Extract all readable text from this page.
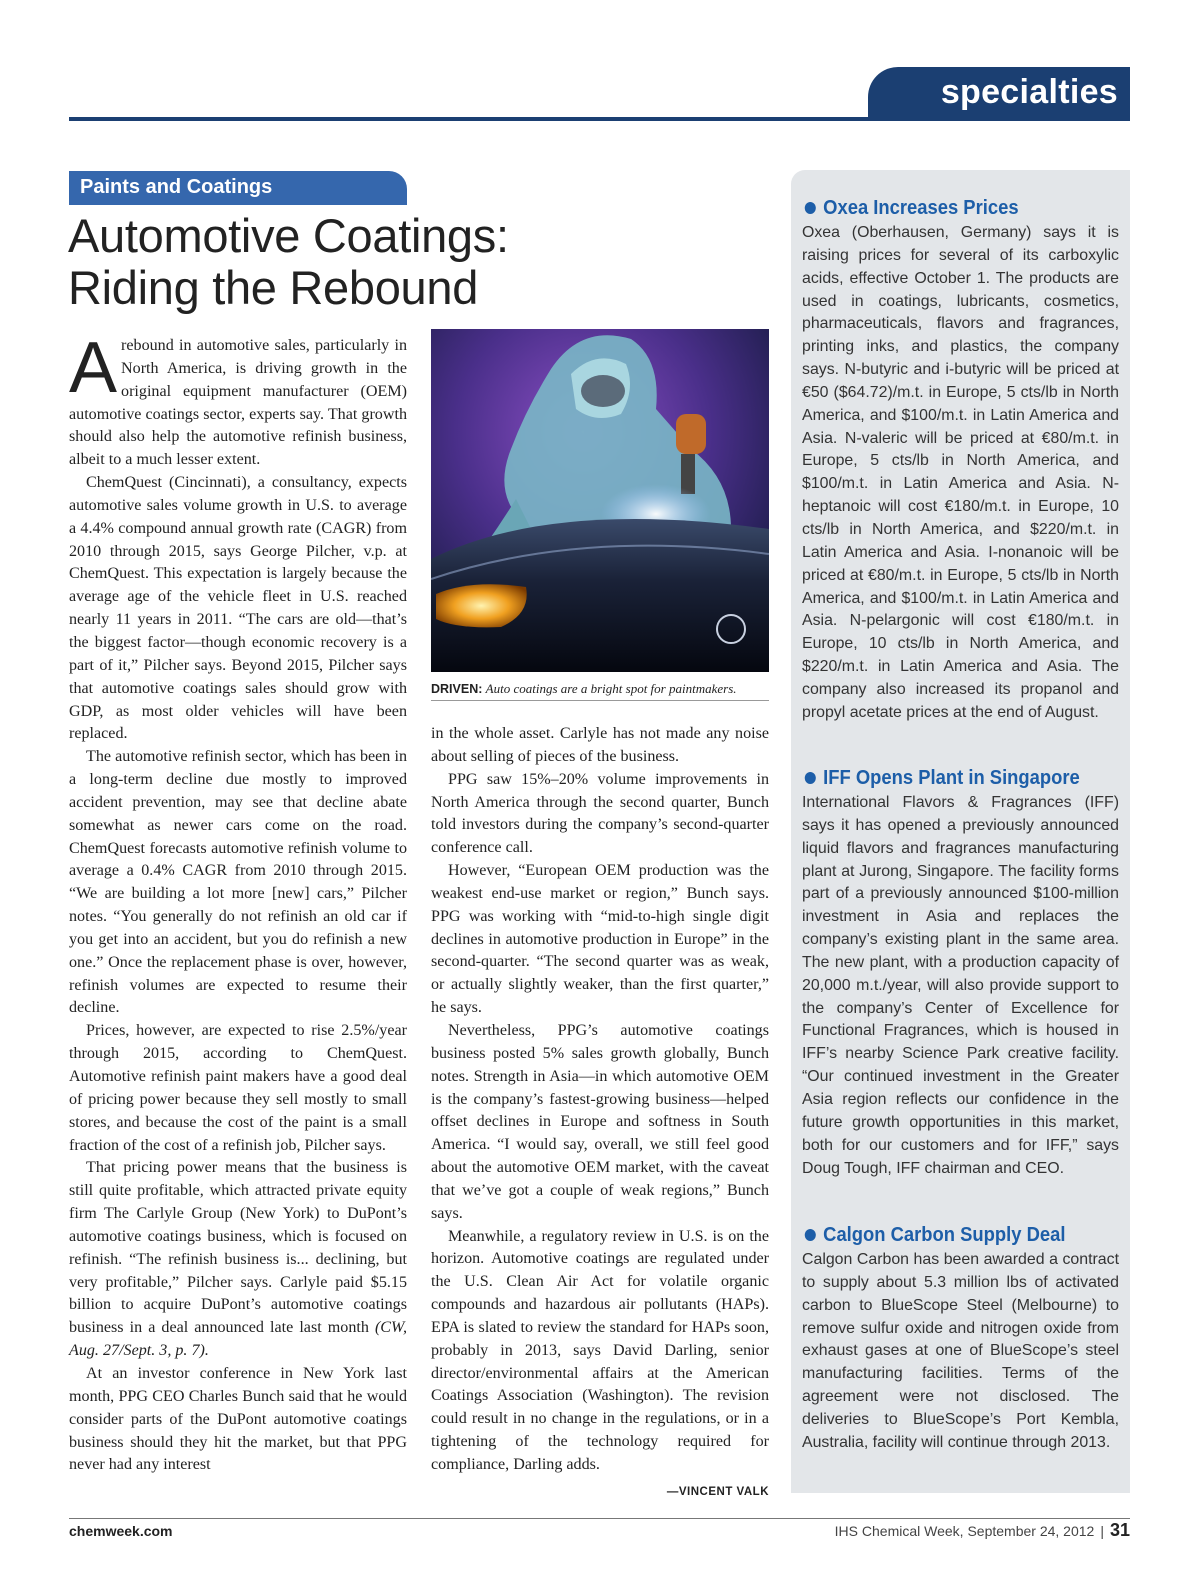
specialties
Paints and Coatings
Automotive Coatings:
Riding the Rebound

Arebound in automotive sales, particularly in North America, is driving growth in the original equipment manufacturer (OEM) automotive coatings sector, experts say. That growth should also help the automotive refinish business, albeit to a much lesser extent.

ChemQuest (Cincinnati), a consultancy, expects automotive sales volume growth in U.S. to average a 4.4% compound annual growth rate (CAGR) from 2010 through 2015, says George Pilcher, v.p. at ChemQuest. This expectation is largely because the average age of the vehicle fleet in U.S. reached nearly 11 years in 2011. “The cars are old—that’s the biggest factor—though economic recovery is a part of it,” Pilcher says. Beyond 2015, Pilcher says that automotive coatings sales should grow with GDP, as most older vehicles will have been replaced.

The automotive refinish sector, which has been in a long-term decline due mostly to improved accident prevention, may see that decline abate somewhat as newer cars come on the road. ChemQuest forecasts automotive refinish volume to average a 0.4% CAGR from 2010 through 2015. “We are building a lot more [new] cars,” Pilcher notes. “You generally do not refinish an old car if you get into an accident, but you do refinish a new one.” Once the replacement phase is over, however, refinish volumes are expected to resume their decline.

Prices, however, are expected to rise 2.5%/year through 2015, according to ChemQuest. Automotive refinish paint makers have a good deal of pricing power because they sell mostly to small stores, and because the cost of the paint is a small fraction of the cost of a refinish job, Pilcher says.

That pricing power means that the business is still quite profitable, which attracted private equity firm The Carlyle Group (New York) to DuPont’s automotive coatings business, which is focused on refinish. “The refinish business is... declining, but very profitable,” Pilcher says. Carlyle paid $5.15 billion to acquire DuPont’s automotive coatings business in a deal announced late last month (CW, Aug. 27/Sept. 3, p. 7).

At an investor conference in New York last month, PPG CEO Charles Bunch said that he would consider parts of the DuPont automotive coatings business should they hit the market, but that PPG never had any interest

DRIVEN: Auto coatings are a bright spot for paintmakers.

in the whole asset. Carlyle has not made any noise about selling of pieces of the business.

PPG saw 15%–20% volume improvements in North America through the second quarter, Bunch told investors during the company’s second-quarter conference call.

However, “European OEM production was the weakest end-use market or region,” Bunch says. PPG was working with “mid-to-high single digit declines in automotive production in Europe” in the second-quarter. “The second quarter was as weak, or actually slightly weaker, than the first quarter,” he says.

Nevertheless, PPG’s automotive coatings business posted 5% sales growth globally, Bunch notes. Strength in Asia—in which automotive OEM is the company’s fastest-growing business—helped offset declines in Europe and softness in South America. “I would say, overall, we still feel good about the automotive OEM market, with the caveat that we’ve got a couple of weak regions,” Bunch says.

Meanwhile, a regulatory review in U.S. is on the horizon. Automotive coatings are regulated under the U.S. Clean Air Act for volatile organic compounds and hazardous air pollutants (HAPs). EPA is slated to review the standard for HAPs soon, probably in 2013, says David Darling, senior director/environmental affairs at the American Coatings Association (Washington). The revision could result in no change in the regulations, or in a tightening of the technology required for compliance, Darling adds.

—VINCENT VALK
Oxea Increases Prices
Oxea (Oberhausen, Germany) says it is raising prices for several of its carboxylic acids, effective October 1. The products are used in coatings, lubricants, cosmetics, pharmaceuticals, flavors and fragrances, printing inks, and plastics, the company says. N-butyric and i-butyric will be priced at €50 ($64.72)/m.t. in Europe, 5 cts/lb in North America, and $100/m.t. in Latin America and Asia. N-valeric will be priced at €80/m.t. in Europe, 5 cts/lb in North America, and $100/m.t. in Latin America and Asia. N-heptanoic will cost €180/m.t. in Europe, 10 cts/lb in North America, and $220/m.t. in Latin America and Asia. I-nonanoic will be priced at €80/m.t. in Europe, 5 cts/lb in North America, and $100/m.t. in Latin America and Asia. N-pelargonic will cost €180/m.t. in Europe, 10 cts/lb in North America, and $220/m.t. in Latin America and Asia. The company also increased its propanol and propyl acetate prices at the end of August.
IFF Opens Plant in Singapore
International Flavors & Fragrances (IFF) says it has opened a previously announced liquid flavors and fragrances manufacturing plant at Jurong, Singapore. The facility forms part of a previously announced $100-million investment in Asia and replaces the company’s existing plant in the same area. The new plant, with a production capacity of 20,000 m.t./year, will also provide support to the company’s Center of Excellence for Functional Fragrances, which is housed in IFF’s nearby Science Park creative facility. “Our continued investment in the Greater Asia region reflects our confidence in the future growth opportunities in this market, both for our customers and for IFF,” says Doug Tough, IFF chairman and CEO.
Calgon Carbon Supply Deal
Calgon Carbon has been awarded a contract to supply about 5.3 million lbs of activated carbon to BlueScope Steel (Melbourne) to remove sulfur oxide and nitrogen oxide from exhaust gases at one of BlueScope’s steel manufacturing facilities. Terms of the agreement were not disclosed. The deliveries to BlueScope’s Port Kembla, Australia, facility will continue through 2013.
chemweek.com	IHS Chemical Week, September 24, 2012 | 31
